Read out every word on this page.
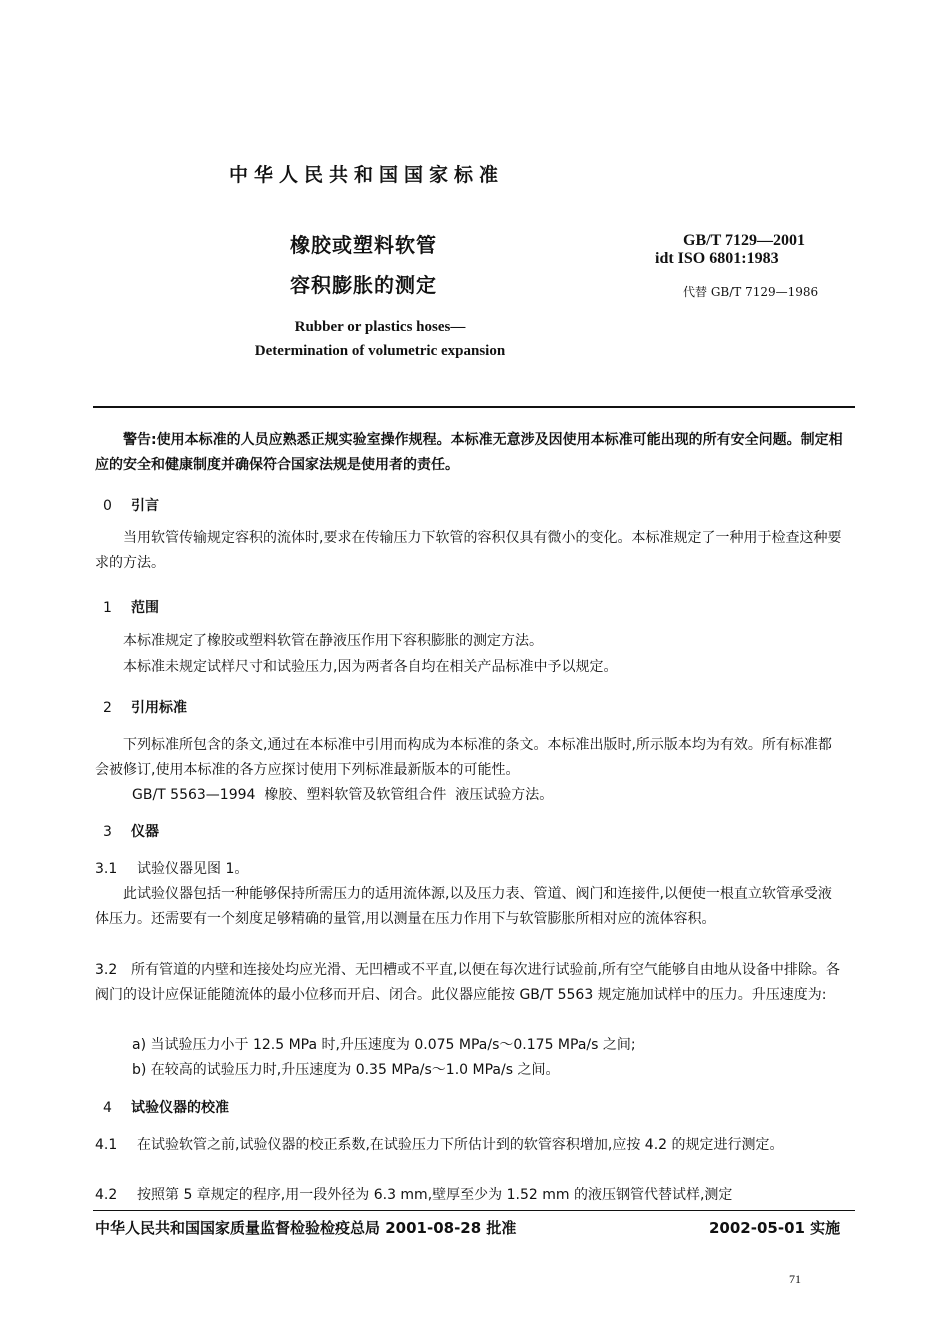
中华人民共和国国家标准
橡胶或塑料软管
容积膨胀的测定
GB/T 7129—2001
idt ISO 6801:1983
代替 GB/T 7129—1986
Rubber or plastics hoses—
Determination of volumetric expansion
警告:使用本标准的人员应熟悉正规实验室操作规程。本标准无意涉及因使用本标准可能出现的所有安全问题。制定相应的安全和健康制度并确保符合国家法规是使用者的责任。
0 引言
当用软管传输规定容积的流体时,要求在传输压力下软管的容积仅具有微小的变化。本标准规定了一种用于检查这种要求的方法。
1 范围
本标准规定了橡胶或塑料软管在静液压作用下容积膨胀的测定方法。
本标准未规定试样尺寸和试验压力,因为两者各自均在相关产品标准中予以规定。
2 引用标准
下列标准所包含的条文,通过在本标准中引用而构成为本标准的条文。本标准出版时,所示版本均为有效。所有标准都会被修订,使用本标准的各方应探讨使用下列标准最新版本的可能性。
GB/T 5563—1994  橡胶、塑料软管及软管组合件  液压试验方法。
3 仪器
3.1 试验仪器见图 1。
此试验仪器包括一种能够保持所需压力的适用流体源,以及压力表、管道、阀门和连接件,以便使一根直立软管承受液体压力。还需要有一个刻度足够精确的量管,用以测量在压力作用下与软管膨胀所相对应的流体容积。
3.2 所有管道的内壁和连接处均应光滑、无凹槽或不平直,以便在每次进行试验前,所有空气能够自由地从设备中排除。各阀门的设计应保证能随流体的最小位移而开启、闭合。此仪器应能按 GB/T 5563 规定施加试样中的压力。升压速度为:
a) 当试验压力小于 12.5 MPa 时,升压速度为 0.075 MPa/s～0.175 MPa/s 之间;
b) 在较高的试验压力时,升压速度为 0.35 MPa/s～1.0 MPa/s 之间。
4 试验仪器的校准
4.1 在试验软管之前,试验仪器的校正系数,在试验压力下所估计到的软管容积增加,应按 4.2 的规定进行测定。
4.2 按照第 5 章规定的程序,用一段外径为 6.3 mm,壁厚至少为 1.52 mm 的液压钢管代替试样,测定
中华人民共和国国家质量监督检验检疫总局 2001-08-28 批准	2002-05-01 实施
71
